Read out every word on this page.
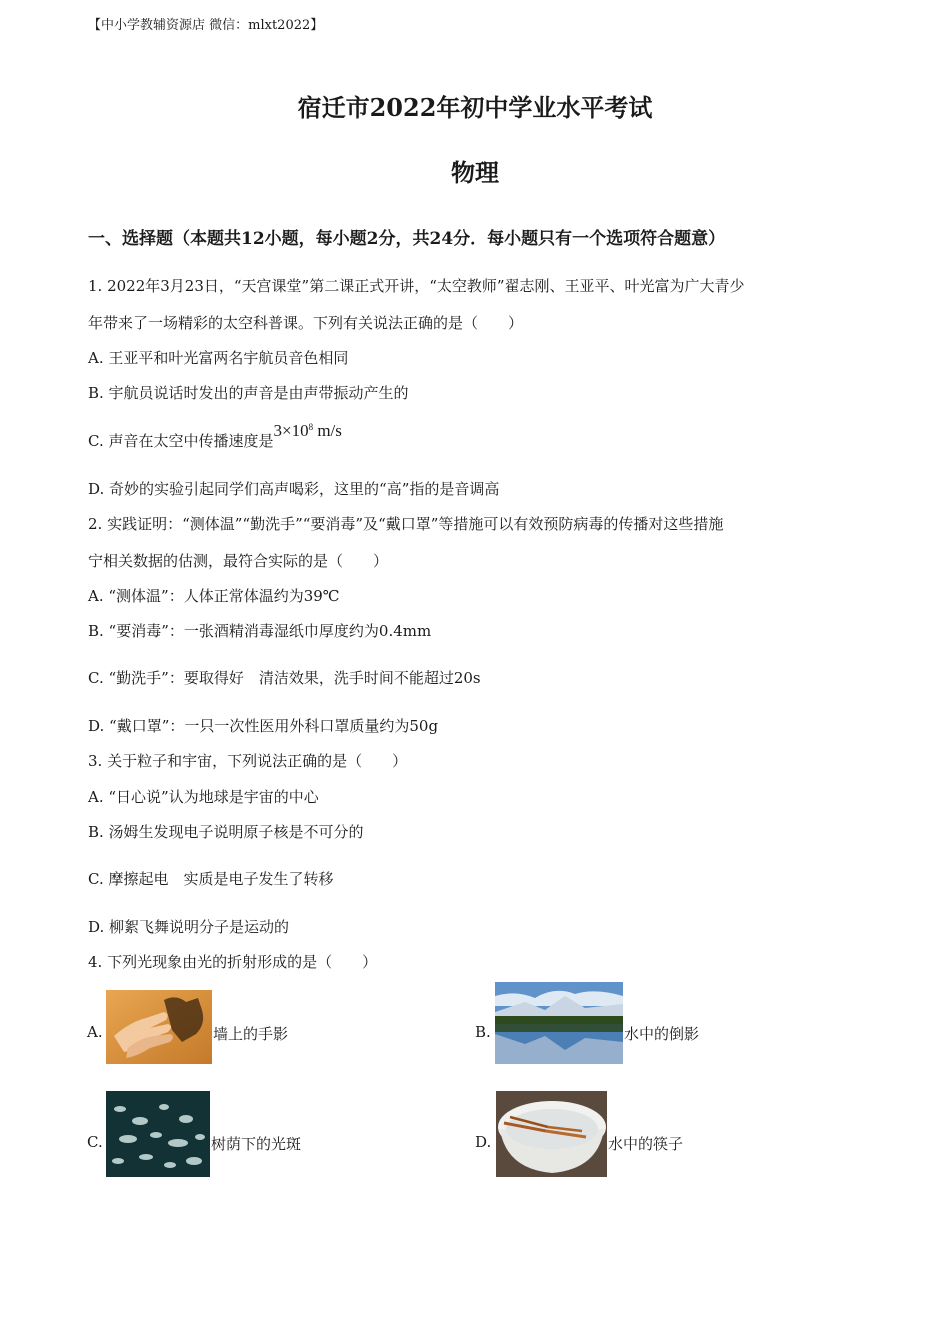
【中小学教辅资源店 微信：mlxt2022】
宿迁市2022年初中学业水平考试
物理
一、选择题（本题共12小题，每小题2分，共24分．每小题只有一个选项符合题意）
1. 2022年3月23日，“天宫课堂”第二课正式开讲，“太空教师”翟志刚、王亚平、叶光富为广大青少
年带来了一场精彩的太空科普课。下列有关说法正确的是（　　）
A. 王亚平和叶光富两名宇航员音色相同
B. 宇航员说话时发出的声音是由声带振动产生的
C. 声音在太空中传播速度是$3\times 10^8$ m/s
D. 奇妙的实验引起同学们高声喝彩，这里的“高”指的是音调高
2. 实践证明：“测体温”“勤洗手”“要消毒”及“戴口罩”等措施可以有效预防病毒的传播对这些措施
宁相关数据的估测，最符合实际的是（　　）
A. “测体温”：人体正常体温约为39℃
B. “要消毒”：一张酒精消毒湿纸巾厚度约为0.4mm
C. “勤洗手”：要取得好　清洁效果，洗手时间不能超过20s
D. “戴口罩”：一只一次性医用外科口罩质量约为50g
3. 关于粒子和宇宙，下列说法正确的是（　　）
A. “日心说”认为地球是宇宙的中心
B. 汤姆生发现电子说明原子核是不可分的
C. 摩擦起电　实质是电子发生了转移
D. 柳絮飞舞说明分子是运动的
4. 下列光现象由光的折射形成的是（　　）
A.	墙上的手影	B.	水中的倒影
C.	树荫下的光斑	D.	水中的筷子
